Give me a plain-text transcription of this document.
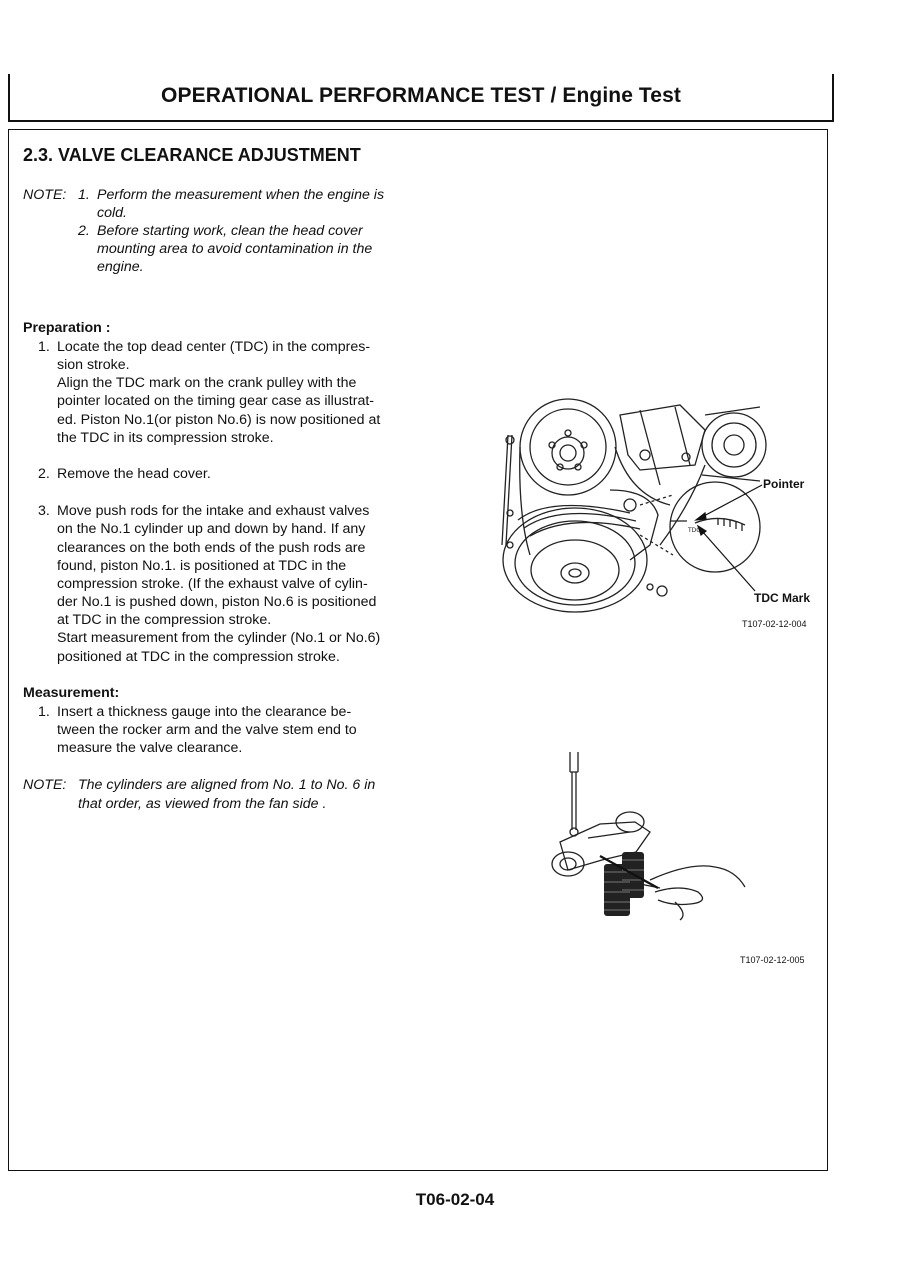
OPERATIONAL PERFORMANCE TEST / Engine Test
2.3. VALVE CLEARANCE ADJUSTMENT
NOTE: 1. Perform the measurement when the engine is
cold.
2. Before starting work, clean the head cover
mounting area to avoid contamination in the
engine.
Preparation :
1. Locate the top dead center (TDC) in the compres-
sion stroke.
Align the TDC mark on the crank pulley with the
pointer located on the timing gear case as illustrat-
ed. Piston No.1(or piston No.6) is now positioned at
the TDC in its compression stroke.
2. Remove the head cover.
3. Move push rods for the intake and exhaust valves
on the No.1 cylinder up and down by hand. If any
clearances on the both ends of the push rods are
found, piston No.1. is positioned at TDC in the
compression stroke. (If the exhaust valve of cylin-
der No.1 is pushed down, piston No.6 is positioned
at TDC in the compression stroke.
Start measurement from the cylinder (No.1 or No.6)
positioned at TDC in the compression stroke.
Measurement:
1. Insert a thickness gauge into the clearance be-
tween the rocker arm and the valve stem end to
measure the valve clearance.
NOTE: The cylinders are aligned from No. 1 to No. 6 in
that order, as viewed from the fan side .
TDC
Pointer
TDC Mark
T107-02-12-004
T107-02-12-005
T06-02-04
